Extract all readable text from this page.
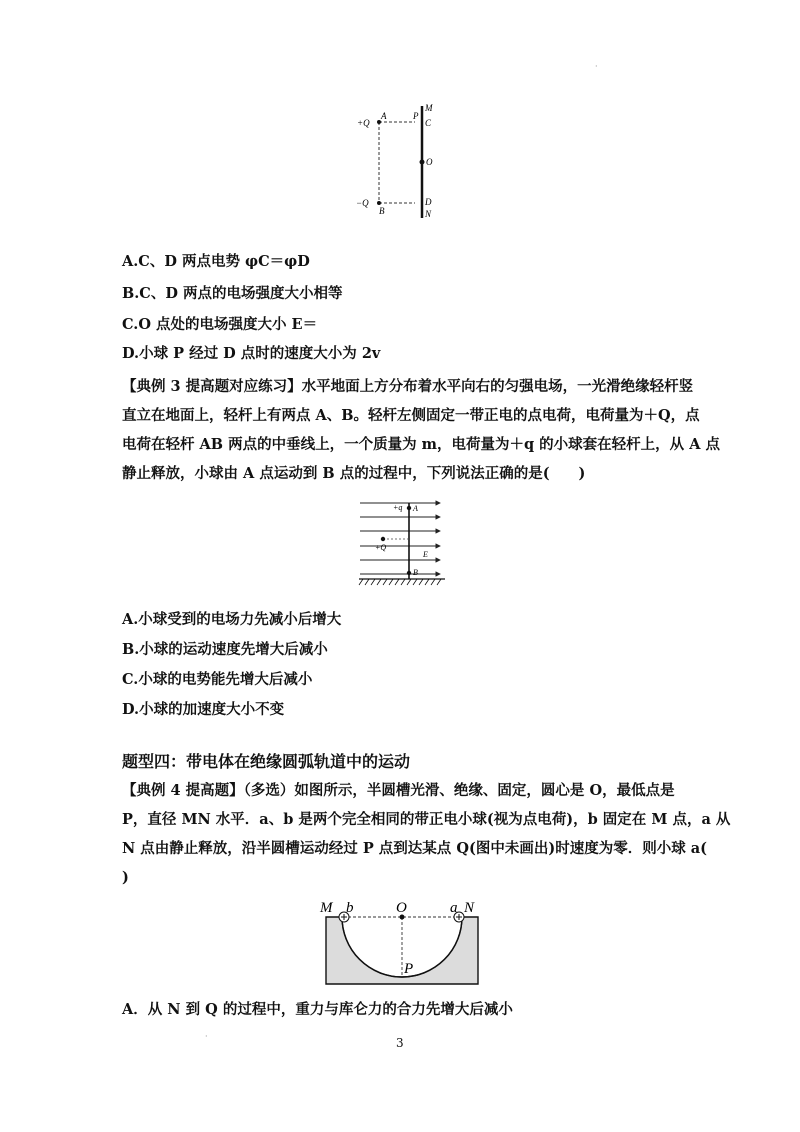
+Q
−Q
A
B
P
M
C
O
D
N
·
A.C、D 两点电势 φC＝φD
B.C、D 两点的电场强度大小相等
C.O 点处的电场强度大小 E＝
D.小球 P 经过 D 点时的速度大小为 2v
【典例 3 提高题对应练习】水平地面上方分布着水平向右的匀强电场，一光滑绝缘轻杆竖
直立在地面上，轻杆上有两点 A、B。轻杆左侧固定一带正电的点电荷，电荷量为＋Q，点
电荷在轻杆 AB 两点的中垂线上，一个质量为 m，电荷量为＋q 的小球套在轻杆上，从 A 点
静止释放，小球由 A 点运动到 B 点的过程中，下列说法正确的是(　　)
+q A
+Q
E
B
A.小球受到的电场力先减小后增大
B.小球的运动速度先增大后减小
C.小球的电势能先增大后减小
D.小球的加速度大小不变
题型四：带电体在绝缘圆弧轨道中的运动
【典例 4 提高题】（多选）如图所示，半圆槽光滑、绝缘、固定，圆心是 O，最低点是
P，直径 MN 水平．a、b 是两个完全相同的带正电小球(视为点电荷)，b 固定在 M 点，a 从
N 点由静止释放，沿半圆槽运动经过 P 点到达某点 Q(图中未画出)时速度为零．则小球 a(
)
M b	O	a N
P
A．从 N 到 Q 的过程中，重力与库仑力的合力先增大后减小
·	3
